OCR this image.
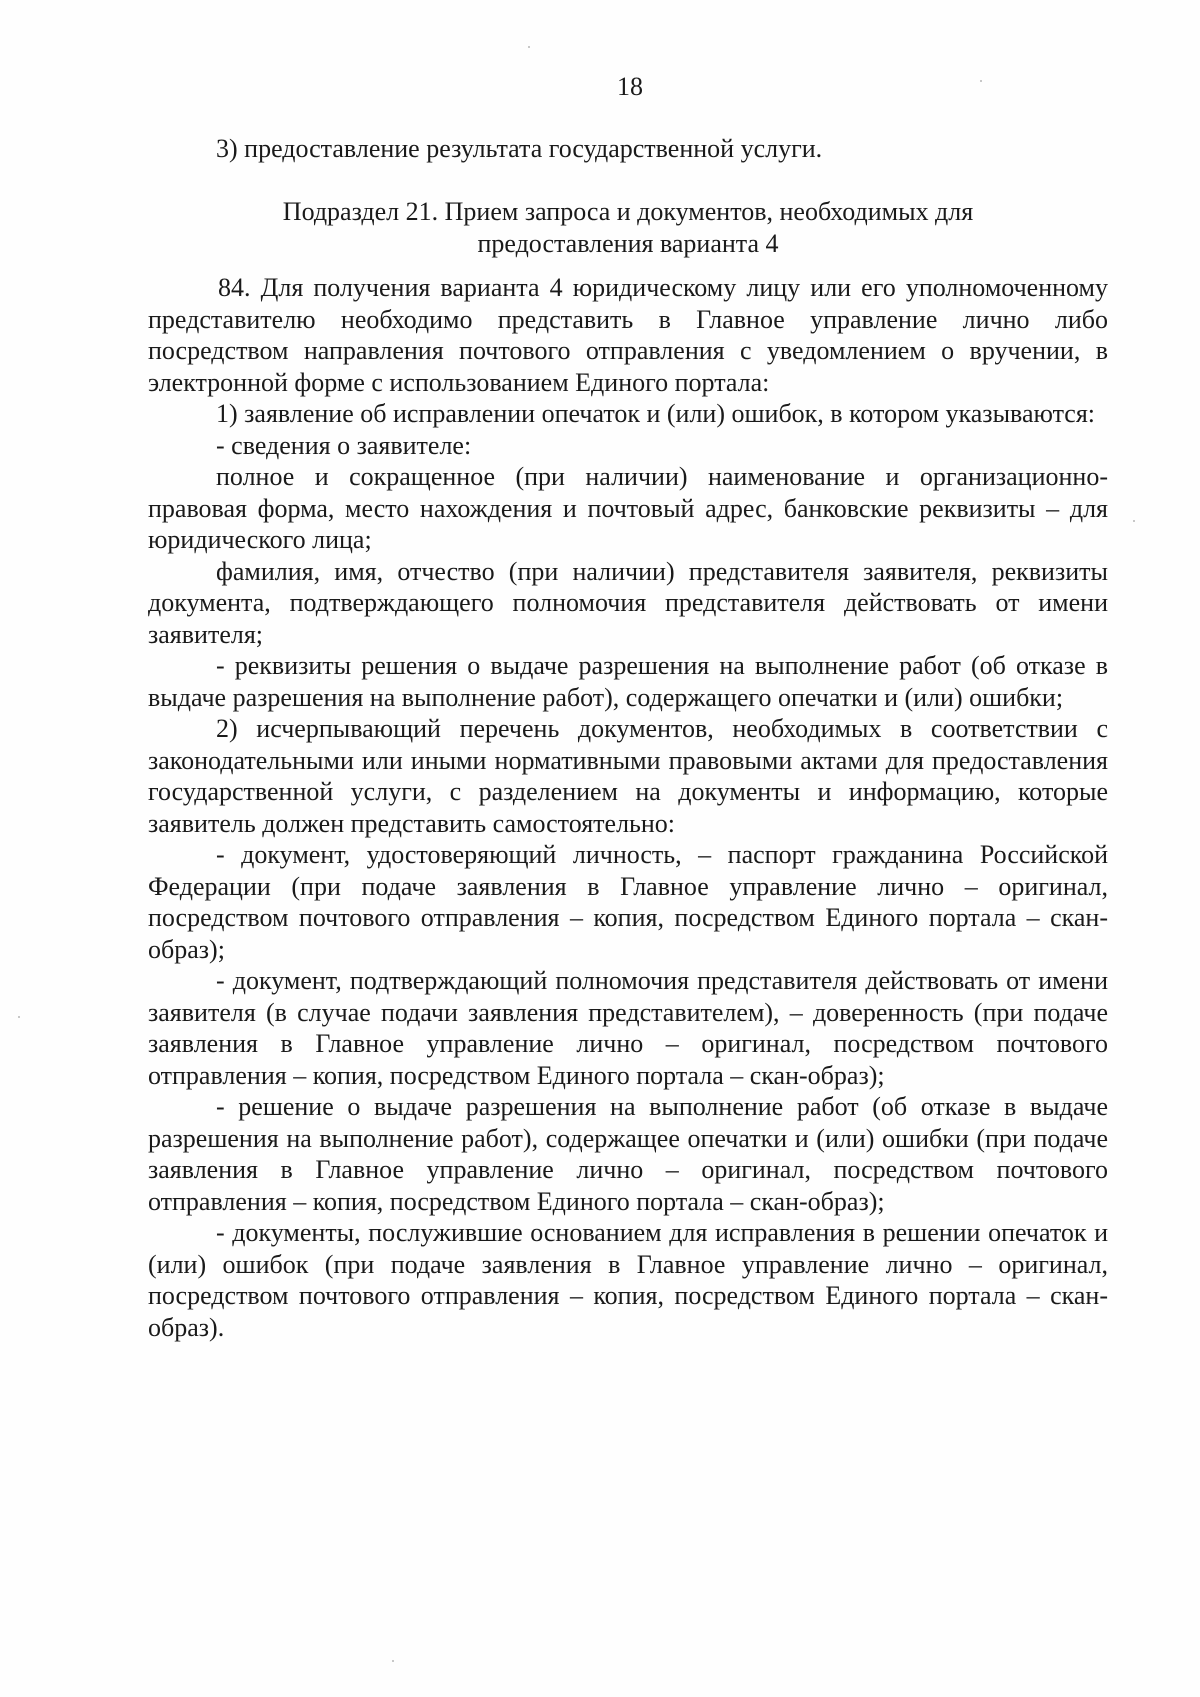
18
3) предоставление результата государственной услуги.
Подраздел 21. Прием запроса и документов, необходимых для
предоставления варианта 4

84. Для получения варианта 4 юридическому лицу или его уполномоченному представителю необходимо представить в Главное управление лично либо посредством направления почтового отправления с уведомлением о вручении, в электронной форме с использованием Единого портала:

1) заявление об исправлении опечаток и (или) ошибок, в котором указываются:

- сведения о заявителе:

полное и сокращенное (при наличии) наименование и организационно-правовая форма, место нахождения и почтовый адрес, банковские реквизиты – для юридического лица;

фамилия, имя, отчество (при наличии) представителя заявителя, реквизиты документа, подтверждающего полномочия представителя действовать от имени заявителя;

- реквизиты решения о выдаче разрешения на выполнение работ (об отказе в выдаче разрешения на выполнение работ), содержащего опечатки и (или) ошибки;

2) исчерпывающий перечень документов, необходимых в соответствии с законодательными или иными нормативными правовыми актами для предоставления государственной услуги, с разделением на документы и информацию, которые заявитель должен представить самостоятельно:

- документ, удостоверяющий личность, – паспорт гражданина Российской Федерации (при подаче заявления в Главное управление лично – оригинал, посредством почтового отправления – копия, посредством Единого портала – скан-образ);

- документ, подтверждающий полномочия представителя действовать от имени заявителя (в случае подачи заявления представителем), – доверенность (при подаче заявления в Главное управление лично – оригинал, посредством почтового отправления – копия, посредством Единого портала – скан-образ);

- решение о выдаче разрешения на выполнение работ (об отказе в выдаче разрешения на выполнение работ), содержащее опечатки и (или) ошибки (при подаче заявления в Главное управление лично – оригинал, посредством почтового отправления – копия, посредством Единого портала – скан-образ);

- документы, послужившие основанием для исправления в решении опечаток и (или) ошибок (при подаче заявления в Главное управление лично – оригинал, посредством почтового отправления – копия, посредством Единого портала – скан-образ).
